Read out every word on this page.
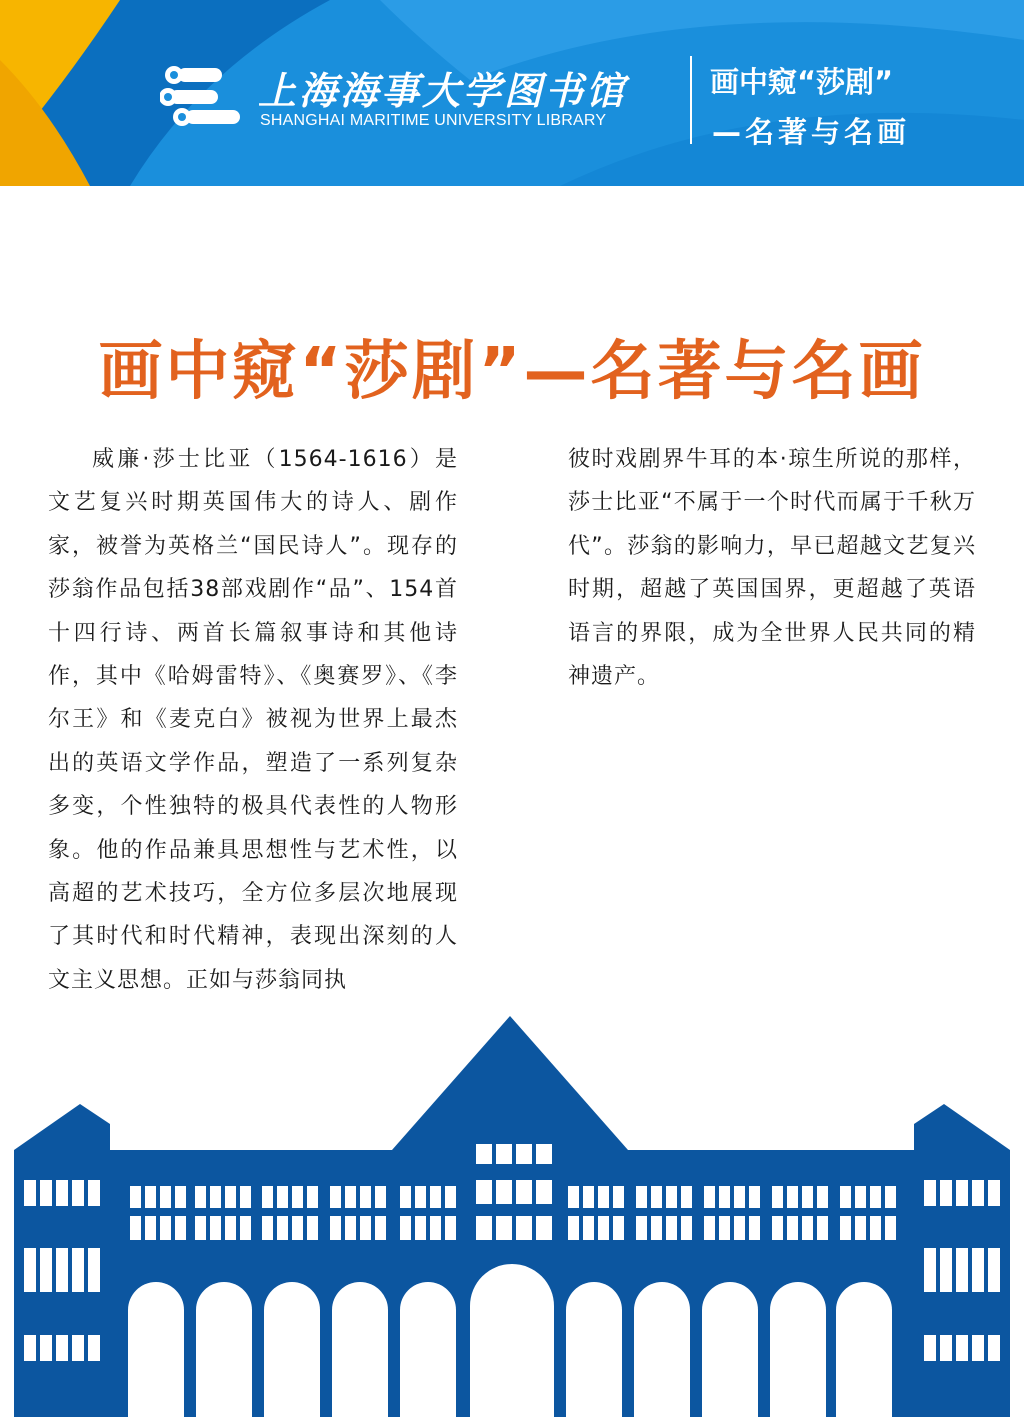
上海海事大学图书馆
SHANGHAI MARITIME UNIVERSITY LIBRARY
画中窥“莎剧”
—名著与名画
画中窥“莎剧”—名著与名画
威廉·莎士比亚（1564-1616）是文艺复兴时期英国伟大的诗人、剧作家，被誉为英格兰“国民诗人”。现存的莎翁作品包括38部戏剧作“品”、154首十四行诗、两首长篇叙事诗和其他诗作，其中《哈姆雷特》、《奥赛罗》、《李尔王》和《麦克白》被视为世界上最杰出的英语文学作品，塑造了一系列复杂多变，个性独特的极具代表性的人物形象。他的作品兼具思想性与艺术性，以高超的艺术技巧，全方位多层次地展现了其时代和时代精神，表现出深刻的人文主义思想。正如与莎翁同执
彼时戏剧界牛耳的本·琼生所说的那样，莎士比亚“不属于一个时代而属于千秋万代”。莎翁的影响力，早已超越文艺复兴时期，超越了英国国界，更超越了英语语言的界限，成为全世界人民共同的精神遗产。
